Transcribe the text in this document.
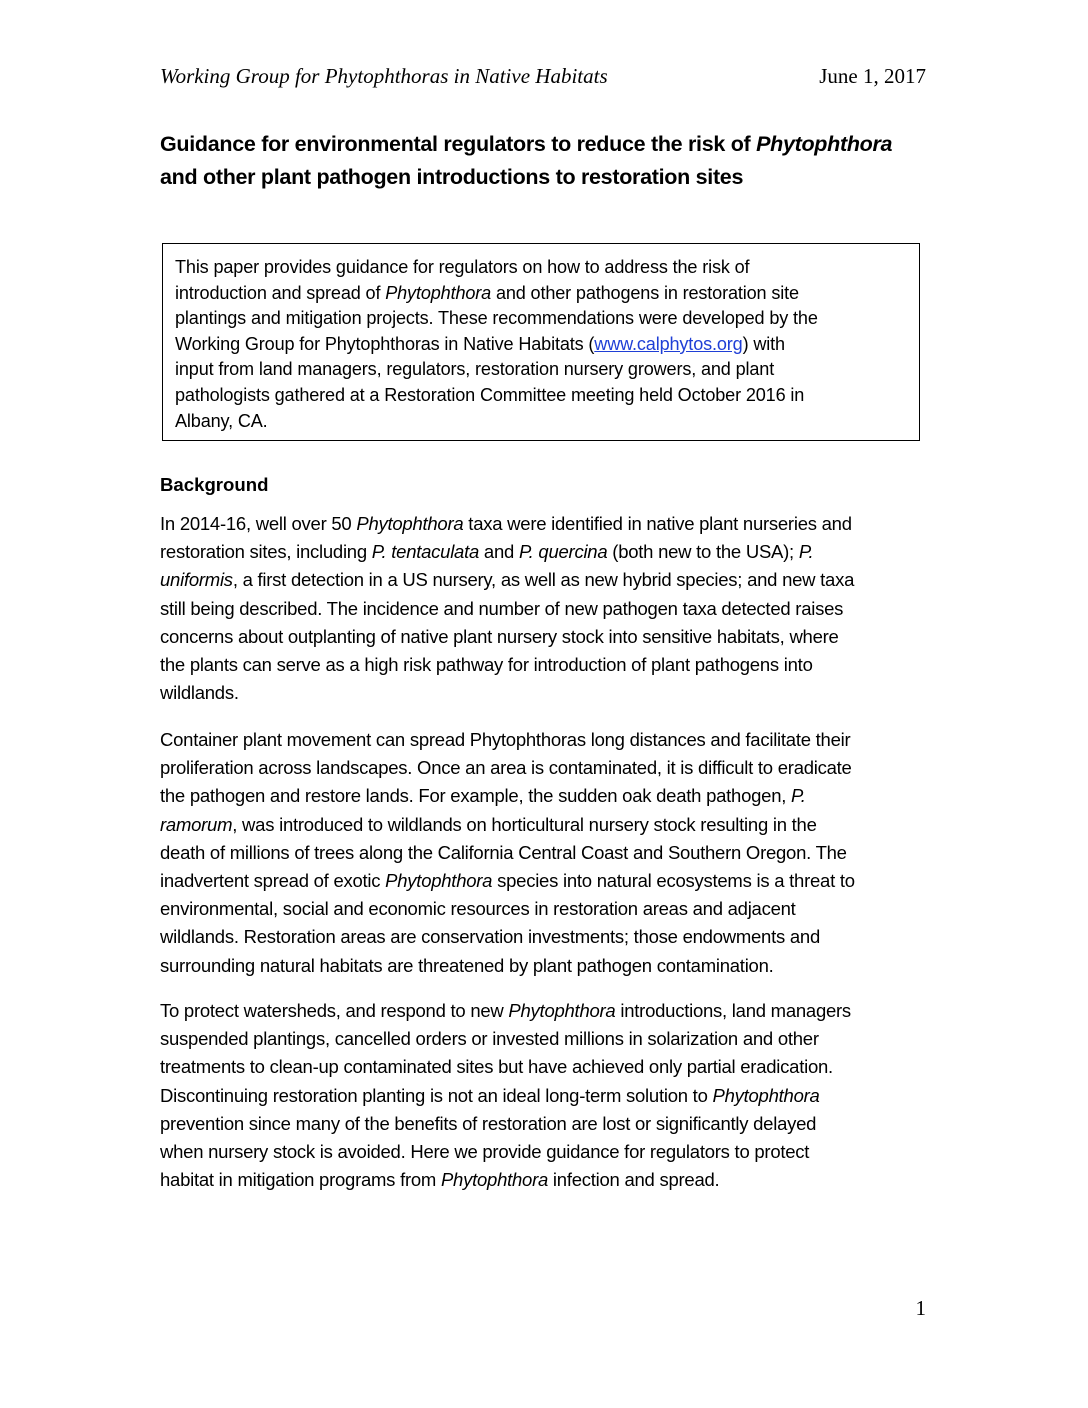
Working Group for Phytophthoras in Native Habitats	June 1, 2017
Guidance for environmental regulators to reduce the risk of Phytophthora
and other plant pathogen introductions to restoration sites
This paper provides guidance for regulators on how to address the risk of
introduction and spread of Phytophthora and other pathogens in restoration site
plantings and mitigation projects. These recommendations were developed by the
Working Group for Phytophthoras in Native Habitats (www.calphytos.org) with
input from land managers, regulators, restoration nursery growers, and plant
pathologists gathered at a Restoration Committee meeting held October 2016 in
Albany, CA.
Background

In 2014-16, well over 50 Phytophthora taxa were identified in native plant nurseries and
restoration sites, including P. tentaculata and P. quercina (both new to the USA); P.
uniformis, a first detection in a US nursery, as well as new hybrid species; and new taxa
still being described. The incidence and number of new pathogen taxa detected raises
concerns about outplanting of native plant nursery stock into sensitive habitats, where
the plants can serve as a high risk pathway for introduction of plant pathogens into
wildlands.

Container plant movement can spread Phytophthoras long distances and facilitate their
proliferation across landscapes. Once an area is contaminated, it is difficult to eradicate
the pathogen and restore lands. For example, the sudden oak death pathogen, P.
ramorum, was introduced to wildlands on horticultural nursery stock resulting in the
death of millions of trees along the California Central Coast and Southern Oregon. The
inadvertent spread of exotic Phytophthora species into natural ecosystems is a threat to
environmental, social and economic resources in restoration areas and adjacent
wildlands. Restoration areas are conservation investments; those endowments and
surrounding natural habitats are threatened by plant pathogen contamination.

To protect watersheds, and respond to new Phytophthora introductions, land managers
suspended plantings, cancelled orders or invested millions in solarization and other
treatments to clean-up contaminated sites but have achieved only partial eradication.
Discontinuing restoration planting is not an ideal long-term solution to Phytophthora
prevention since many of the benefits of restoration are lost or significantly delayed
when nursery stock is avoided. Here we provide guidance for regulators to protect
habitat in mitigation programs from Phytophthora infection and spread.

1
